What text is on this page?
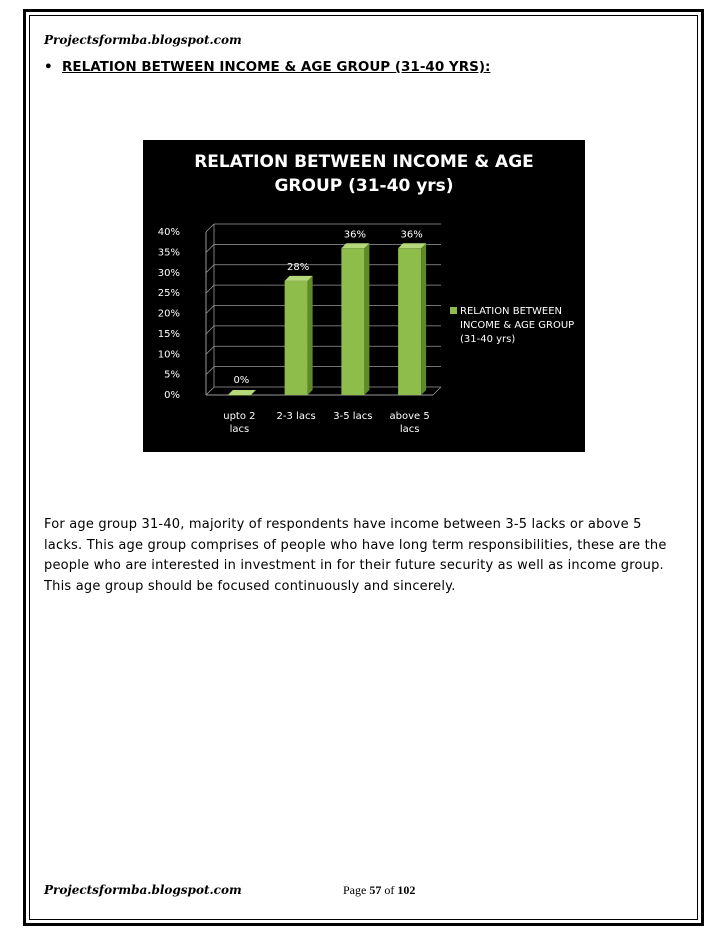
Projectsformba.blogspot.com
• RELATION BETWEEN INCOME & AGE GROUP (31-40 YRS):
RELATION BETWEEN INCOME & AGE
GROUP (31-40 yrs)
0%
5%
10%
15%
20%
25%
30%
35%
40%
0%
upto 2
lacs
28%
2-3 lacs
36%
3-5 lacs
36%
above 5
lacs
RELATION BETWEEN
INCOME & AGE GROUP
(31-40 yrs)
For age group 31-40, majority of respondents have income between 3-5 lacks or above 5 lacks. This age group comprises of people who have long term responsibilities, these are the people who are interested in investment in for their future security as well as income group. This age group should be focused continuously and sincerely.
Projectsformba.blogspot.com	Page 57 of 102
